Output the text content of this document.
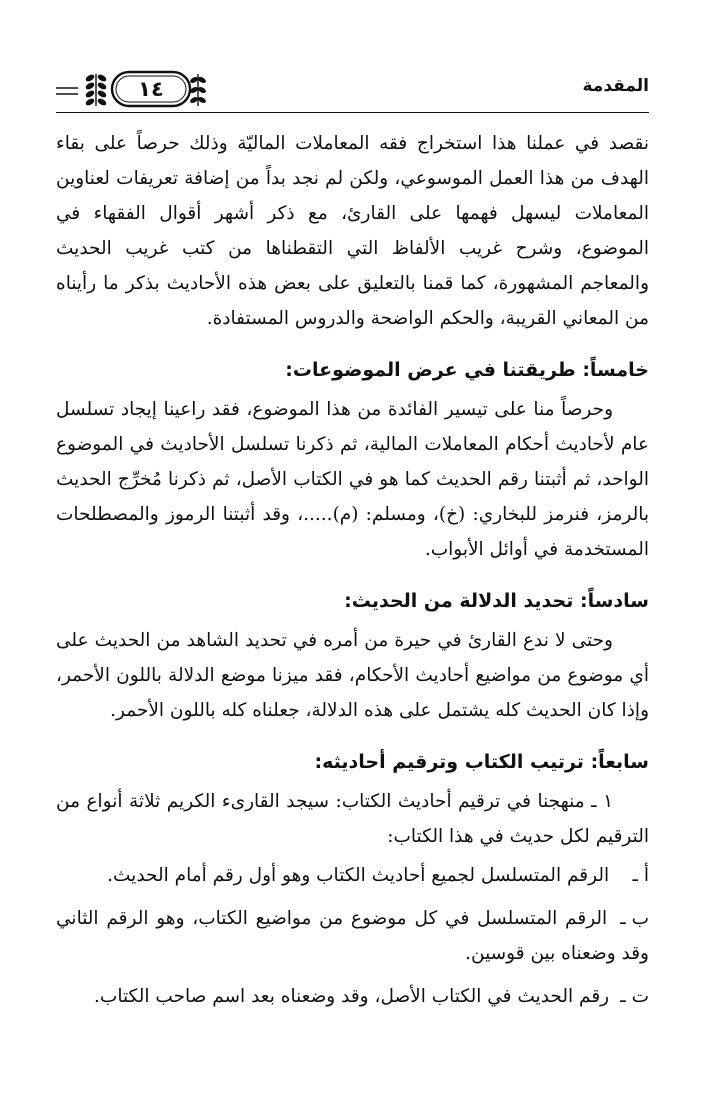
المقدمة
١٤

نقصد في عملنا هذا استخراج فقه المعاملات الماليّة وذلك حرصاً على بقاء الهدف من هذا العمل الموسوعي، ولكن لم نجد بداً من إضافة تعريفات لعناوين المعاملات ليسهل فهمها على القارئ، مع ذكر أشهر أقوال الفقهاء في الموضوع، وشرح غريب الألفاظ التي التقطناها من كتب غريب الحديث والمعاجم المشهورة، كما قمنا بالتعليق على بعض هذه الأحاديث بذكر ما رأيناه من المعاني القريبة، والحكم الواضحة والدروس المستفادة.

خامساً: طريقتنا في عرض الموضوعات:

وحرصاً منا على تيسير الفائدة من هذا الموضوع، فقد راعينا إيجاد تسلسل عام لأحاديث أحكام المعاملات المالية، ثم ذكرنا تسلسل الأحاديث في الموضوع الواحد، ثم أثبتنا رقم الحديث كما هو في الكتاب الأصل، ثم ذكرنا مُخرِّج الحديث بالرمز، فنرمز للبخاري: (خ)، ومسلم: (م).....، وقد أثبتنا الرموز والمصطلحات المستخدمة في أوائل الأبواب.

سادساً: تحديد الدلالة من الحديث:

وحتى لا ندع القارئ في حيرة من أمره في تحديد الشاهد من الحديث على أي موضوع من مواضيع أحاديث الأحكام، فقد ميزنا موضع الدلالة باللون الأحمر، وإذا كان الحديث كله يشتمل على هذه الدلالة، جعلناه كله باللون الأحمر.

سابعاً: ترتيب الكتاب وترقيم أحاديثه:

١ ـ منهجنا في ترقيم أحاديث الكتاب: سيجد القارىء الكريم ثلاثة أنواع من الترقيم لكل حديث في هذا الكتاب:

أ ـ الرقم المتسلسل لجميع أحاديث الكتاب وهو أول رقم أمام الحديث.
ب ـ الرقم المتسلسل في كل موضوع من مواضيع الكتاب، وهو الرقم الثاني وقد وضعناه بين قوسين.
ت ـ رقم الحديث في الكتاب الأصل، وقد وضعناه بعد اسم صاحب الكتاب.
